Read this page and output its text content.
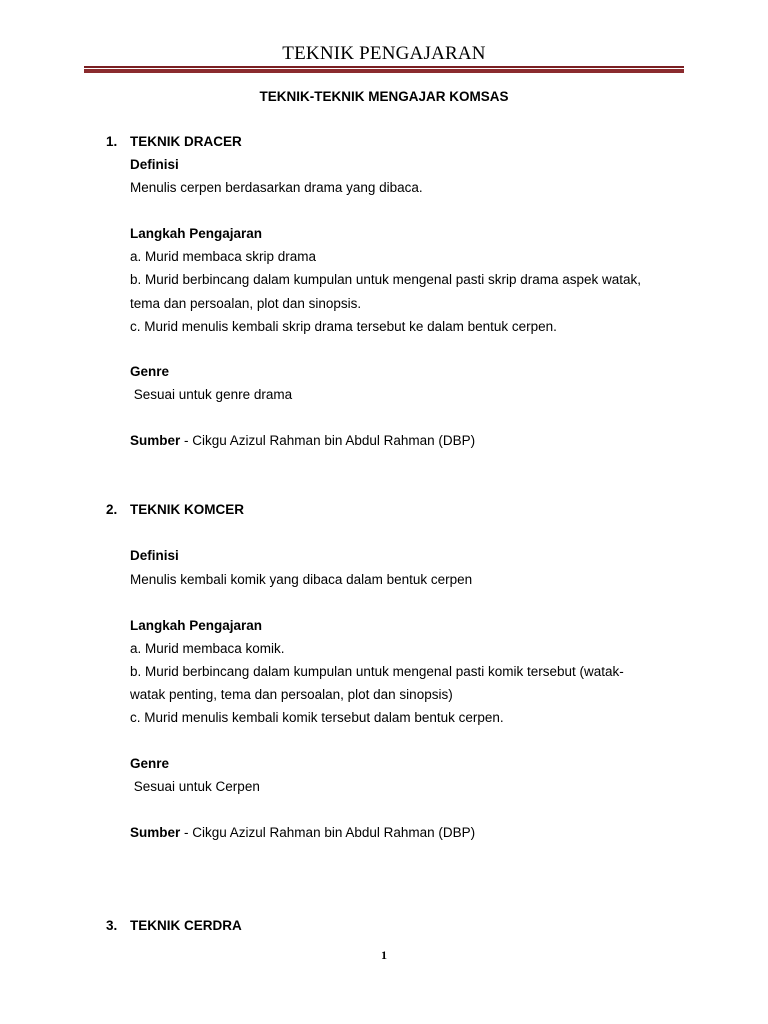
TEKNIK PENGAJARAN
TEKNIK-TEKNIK MENGAJAR KOMSAS
1. TEKNIK DRACER
Definisi
Menulis cerpen berdasarkan drama yang dibaca.
Langkah Pengajaran
a. Murid membaca skrip drama
b. Murid berbincang dalam kumpulan untuk mengenal pasti skrip drama aspek watak,
tema dan persoalan, plot dan sinopsis.
c. Murid menulis kembali skrip drama tersebut ke dalam bentuk cerpen.
Genre
Sesuai untuk genre drama
Sumber - Cikgu Azizul Rahman bin Abdul Rahman (DBP)
2. TEKNIK KOMCER
Definisi
Menulis kembali komik yang dibaca dalam bentuk cerpen
Langkah Pengajaran
a. Murid membaca komik.
b. Murid berbincang dalam kumpulan untuk mengenal pasti komik tersebut (watak-
watak penting, tema dan persoalan, plot dan sinopsis)
c. Murid menulis kembali komik tersebut dalam bentuk cerpen.
Genre
Sesuai untuk Cerpen
Sumber - Cikgu Azizul Rahman bin Abdul Rahman (DBP)
3. TEKNIK CERDRA
1
